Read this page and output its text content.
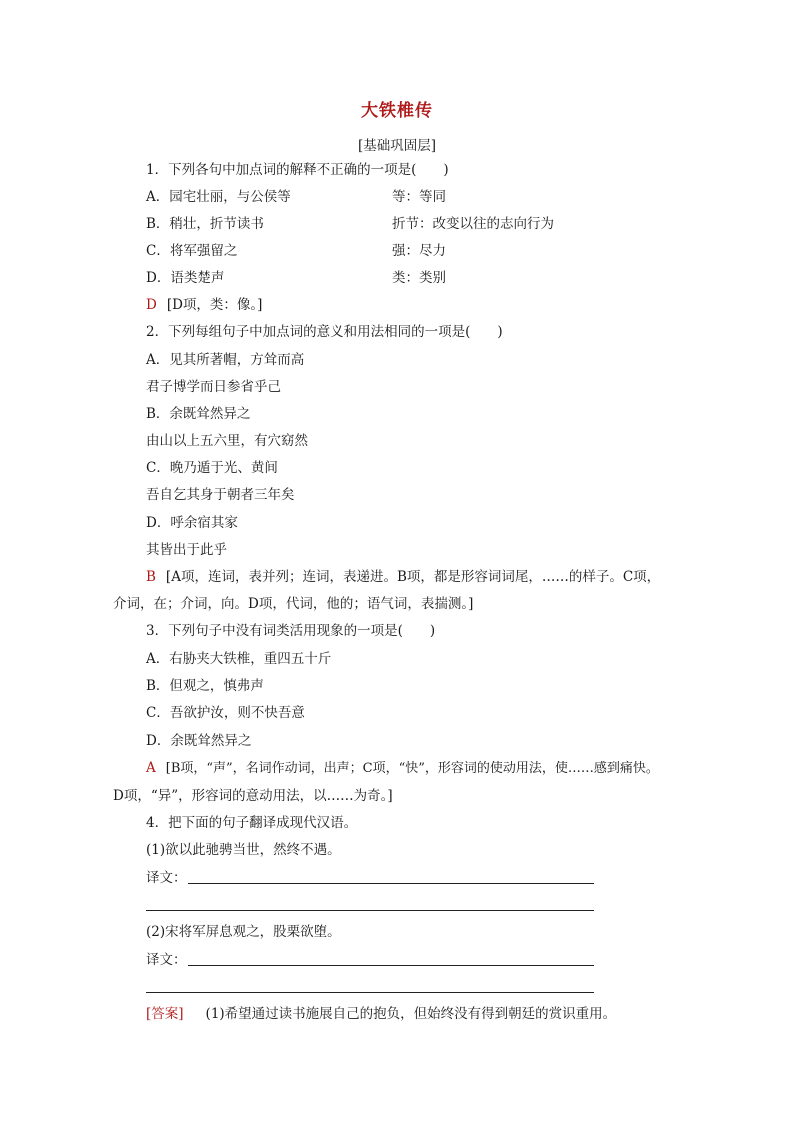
大铁椎传
[基础巩固层]
1．下列各句中加点词的解释不正确的一项是(　　)
A．园宅壮丽，与公侯等	等：等同
B．稍壮，折节读书	折节：改变以往的志向行为
C．将军强留之	强：尽力
D．语类楚声	类：类别
D [D项，类：像。]
2．下列每组句子中加点词的意义和用法相同的一项是(　　)
A．见其所著帽，方耸而高
君子博学而日参省乎己
B．余既耸然异之
由山以上五六里，有穴窈然
C．晚乃遁于光、黄间
吾自乞其身于朝者三年矣
D．呼余宿其家
其皆出于此乎
B [A项，连词，表并列；连词，表递进。B项，都是形容词词尾，……的样子。C项，
介词，在；介词，向。D项，代词，他的；语气词，表揣测。]
3．下列句子中没有词类活用现象的一项是(　　)
A．右胁夹大铁椎，重四五十斤
B．但观之，慎弗声
C．吾欲护汝，则不快吾意
D．余既耸然异之
A [B项，“声”，名词作动词，出声；C项，“快”，形容词的使动用法，使……感到痛快。
D项，“异”，形容词的意动用法，以……为奇。]
4．把下面的句子翻译成现代汉语。
(1)欲以此驰骋当世，然终不遇。
译文：
(2)宋将军屏息观之，股栗欲堕。
译文：
[答案] (1)希望通过读书施展自己的抱负，但始终没有得到朝廷的赏识重用。
